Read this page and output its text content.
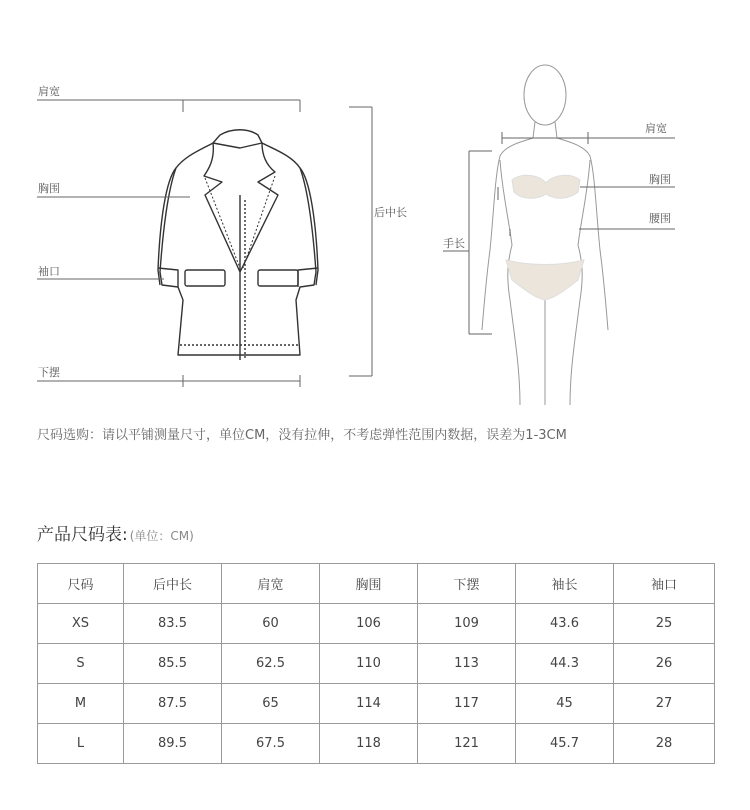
肩宽
胸围
袖口
下摆
后中长
肩宽
胸围
腰围
手长
尺码选购：请以平铺测量尺寸，单位CM，没有拉伸，不考虑弹性范围内数据，误差为1-3CM
产品尺码表: (单位：CM)
尺码	后中长	肩宽	胸围	下摆	袖长	袖口
XS	83.5	60	106	109	43.6	25
S	85.5	62.5	110	113	44.3	26
M	87.5	65	114	117	45	27
L	89.5	67.5	118	121	45.7	28
